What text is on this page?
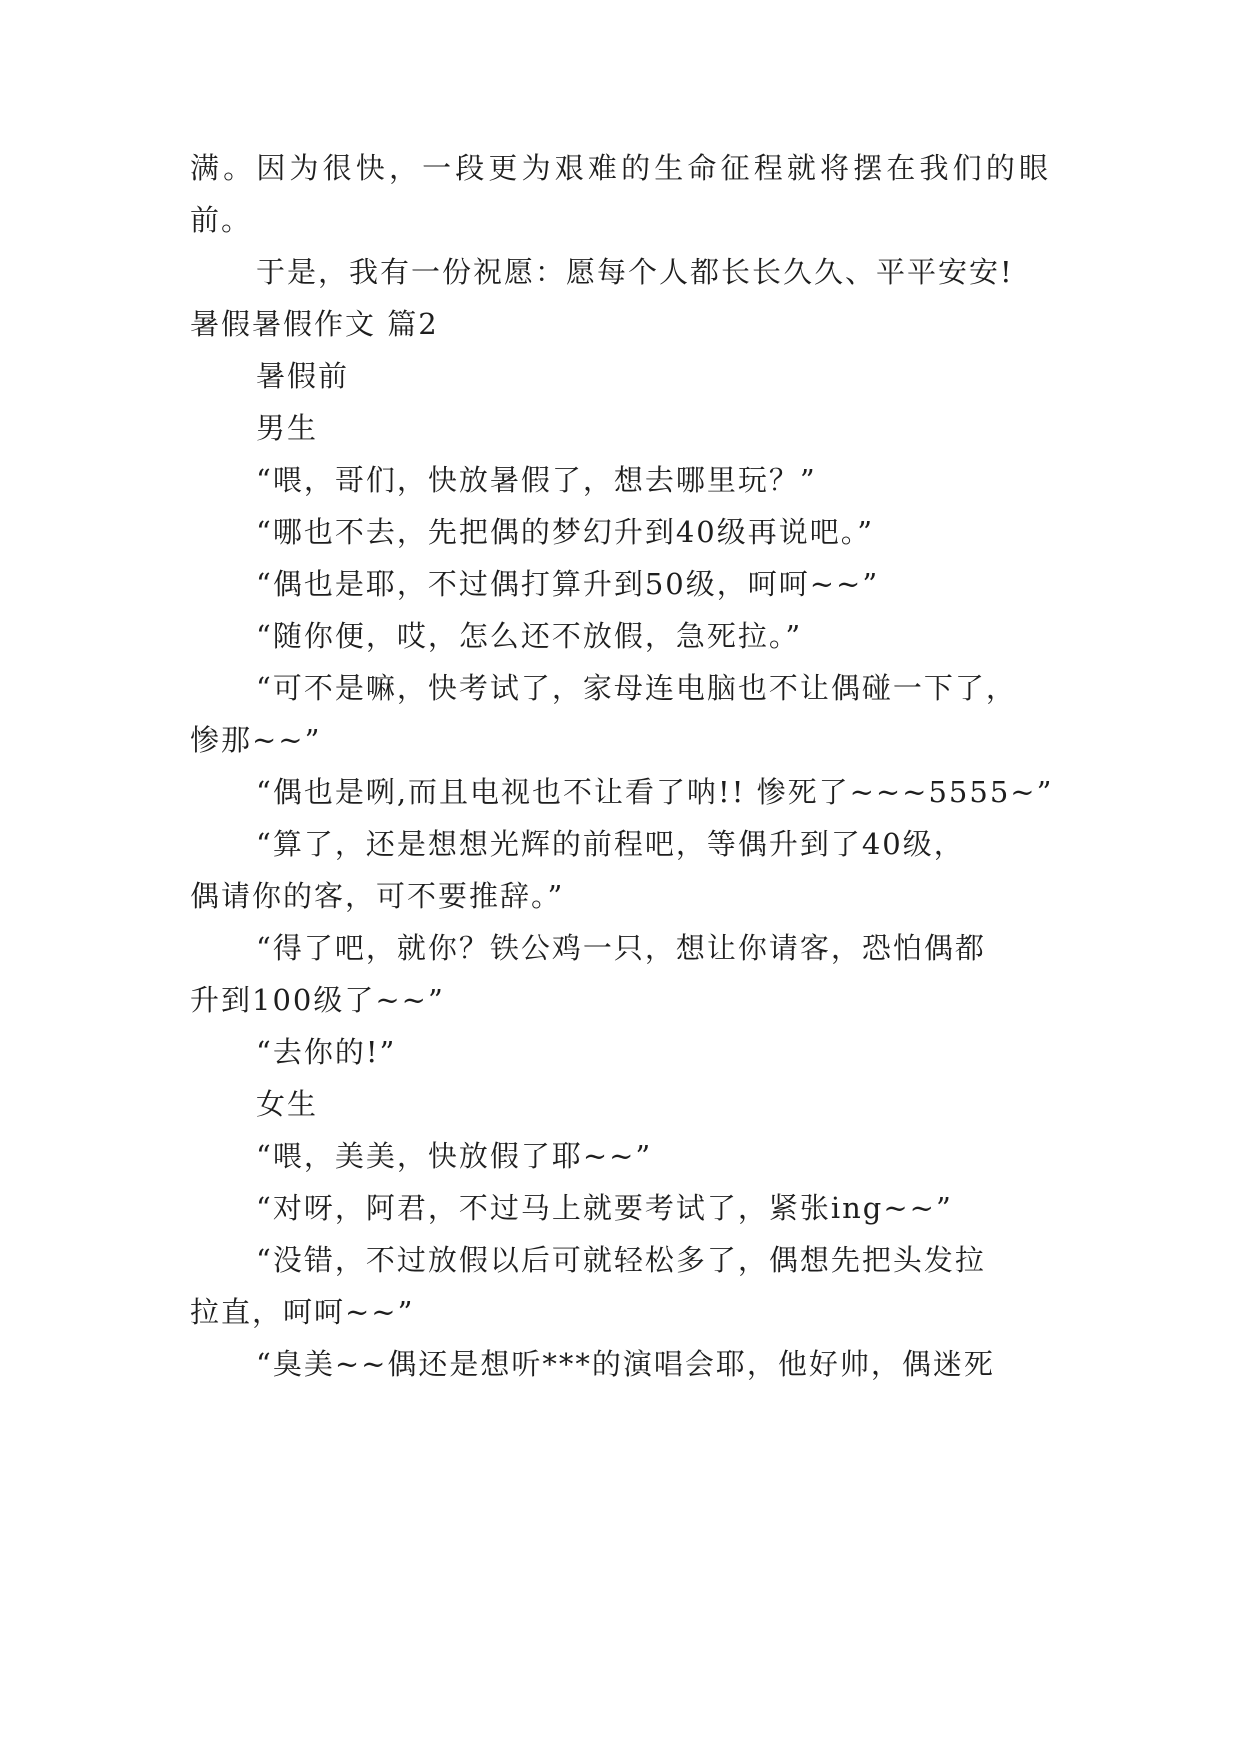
满。因为很快，一段更为艰难的生命征程就将摆在我们的眼
前。
于是，我有一份祝愿：愿每个人都长长久久、平平安安!
暑假暑假作文 篇2
暑假前
男生
“喂，哥们，快放暑假了，想去哪里玩？”
“哪也不去，先把偶的梦幻升到40级再说吧。”
“偶也是耶，不过偶打算升到50级，呵呵~~”
“随你便，哎，怎么还不放假，急死拉。”
“可不是嘛，快考试了，家母连电脑也不让偶碰一下了，
惨那~~”
“偶也是咧,而且电视也不让看了呐!! 惨死了~~~5555~”
“算了，还是想想光辉的前程吧，等偶升到了40级，
偶请你的客，可不要推辞。”
“得了吧，就你？铁公鸡一只，想让你请客，恐怕偶都
升到100级了~~”
“去你的!”
女生
“喂，美美，快放假了耶~~”
“对呀，阿君，不过马上就要考试了，紧张ing~~”
“没错，不过放假以后可就轻松多了，偶想先把头发拉
拉直，呵呵~~”
“臭美~~偶还是想听***的演唱会耶，他好帅，偶迷死
